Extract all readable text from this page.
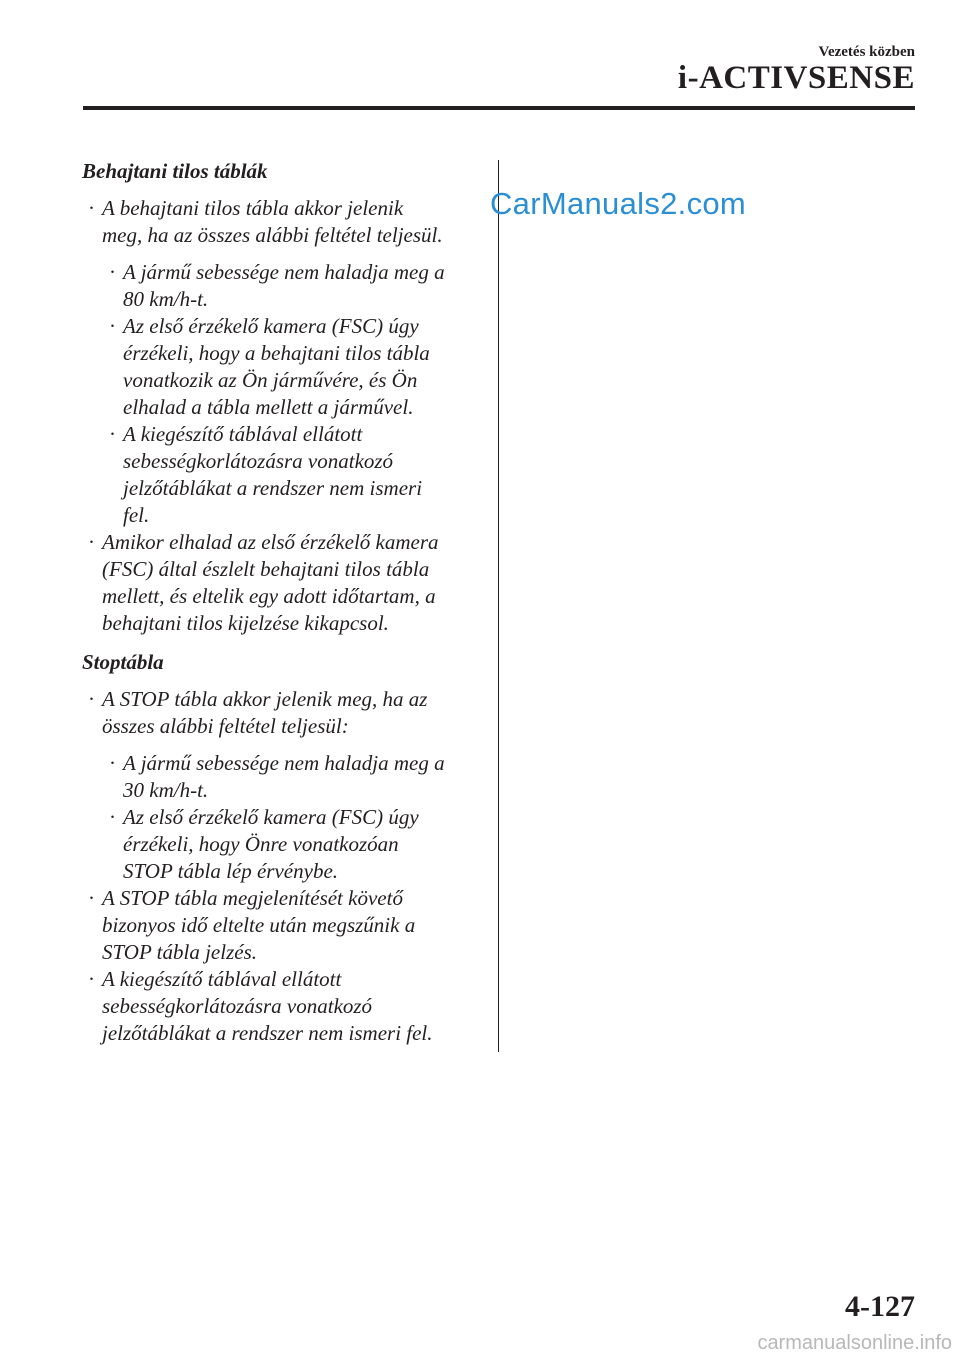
Vezetés közben
i-ACTIVSENSE
CarManuals2.com

Behajtani tilos táblák

· A behajtani tilos tábla akkor jelenik
meg, ha az összes alábbi feltétel teljesül.
· A jármű sebessége nem haladja meg a
80 km/h-t.
· Az első érzékelő kamera (FSC) úgy
érzékeli, hogy a behajtani tilos tábla
vonatkozik az Ön járművére, és Ön
elhalad a tábla mellett a járművel.
· A kiegészítő táblával ellátott
sebességkorlátozásra vonatkozó
jelzőtáblákat a rendszer nem ismeri
fel.
· Amikor elhalad az első érzékelő kamera
(FSC) által észlelt behajtani tilos tábla
mellett, és eltelik egy adott időtartam, a
behajtani tilos kijelzése kikapcsol.

Stoptábla

· A STOP tábla akkor jelenik meg, ha az
összes alábbi feltétel teljesül:
· A jármű sebessége nem haladja meg a
30 km/h-t.
· Az első érzékelő kamera (FSC) úgy
érzékeli, hogy Önre vonatkozóan
STOP tábla lép érvénybe.
· A STOP tábla megjelenítését követő
bizonyos idő eltelte után megszűnik a
STOP tábla jelzés.
· A kiegészítő táblával ellátott
sebességkorlátozásra vonatkozó
jelzőtáblákat a rendszer nem ismeri fel.
4-127
carmanualsonline.info
